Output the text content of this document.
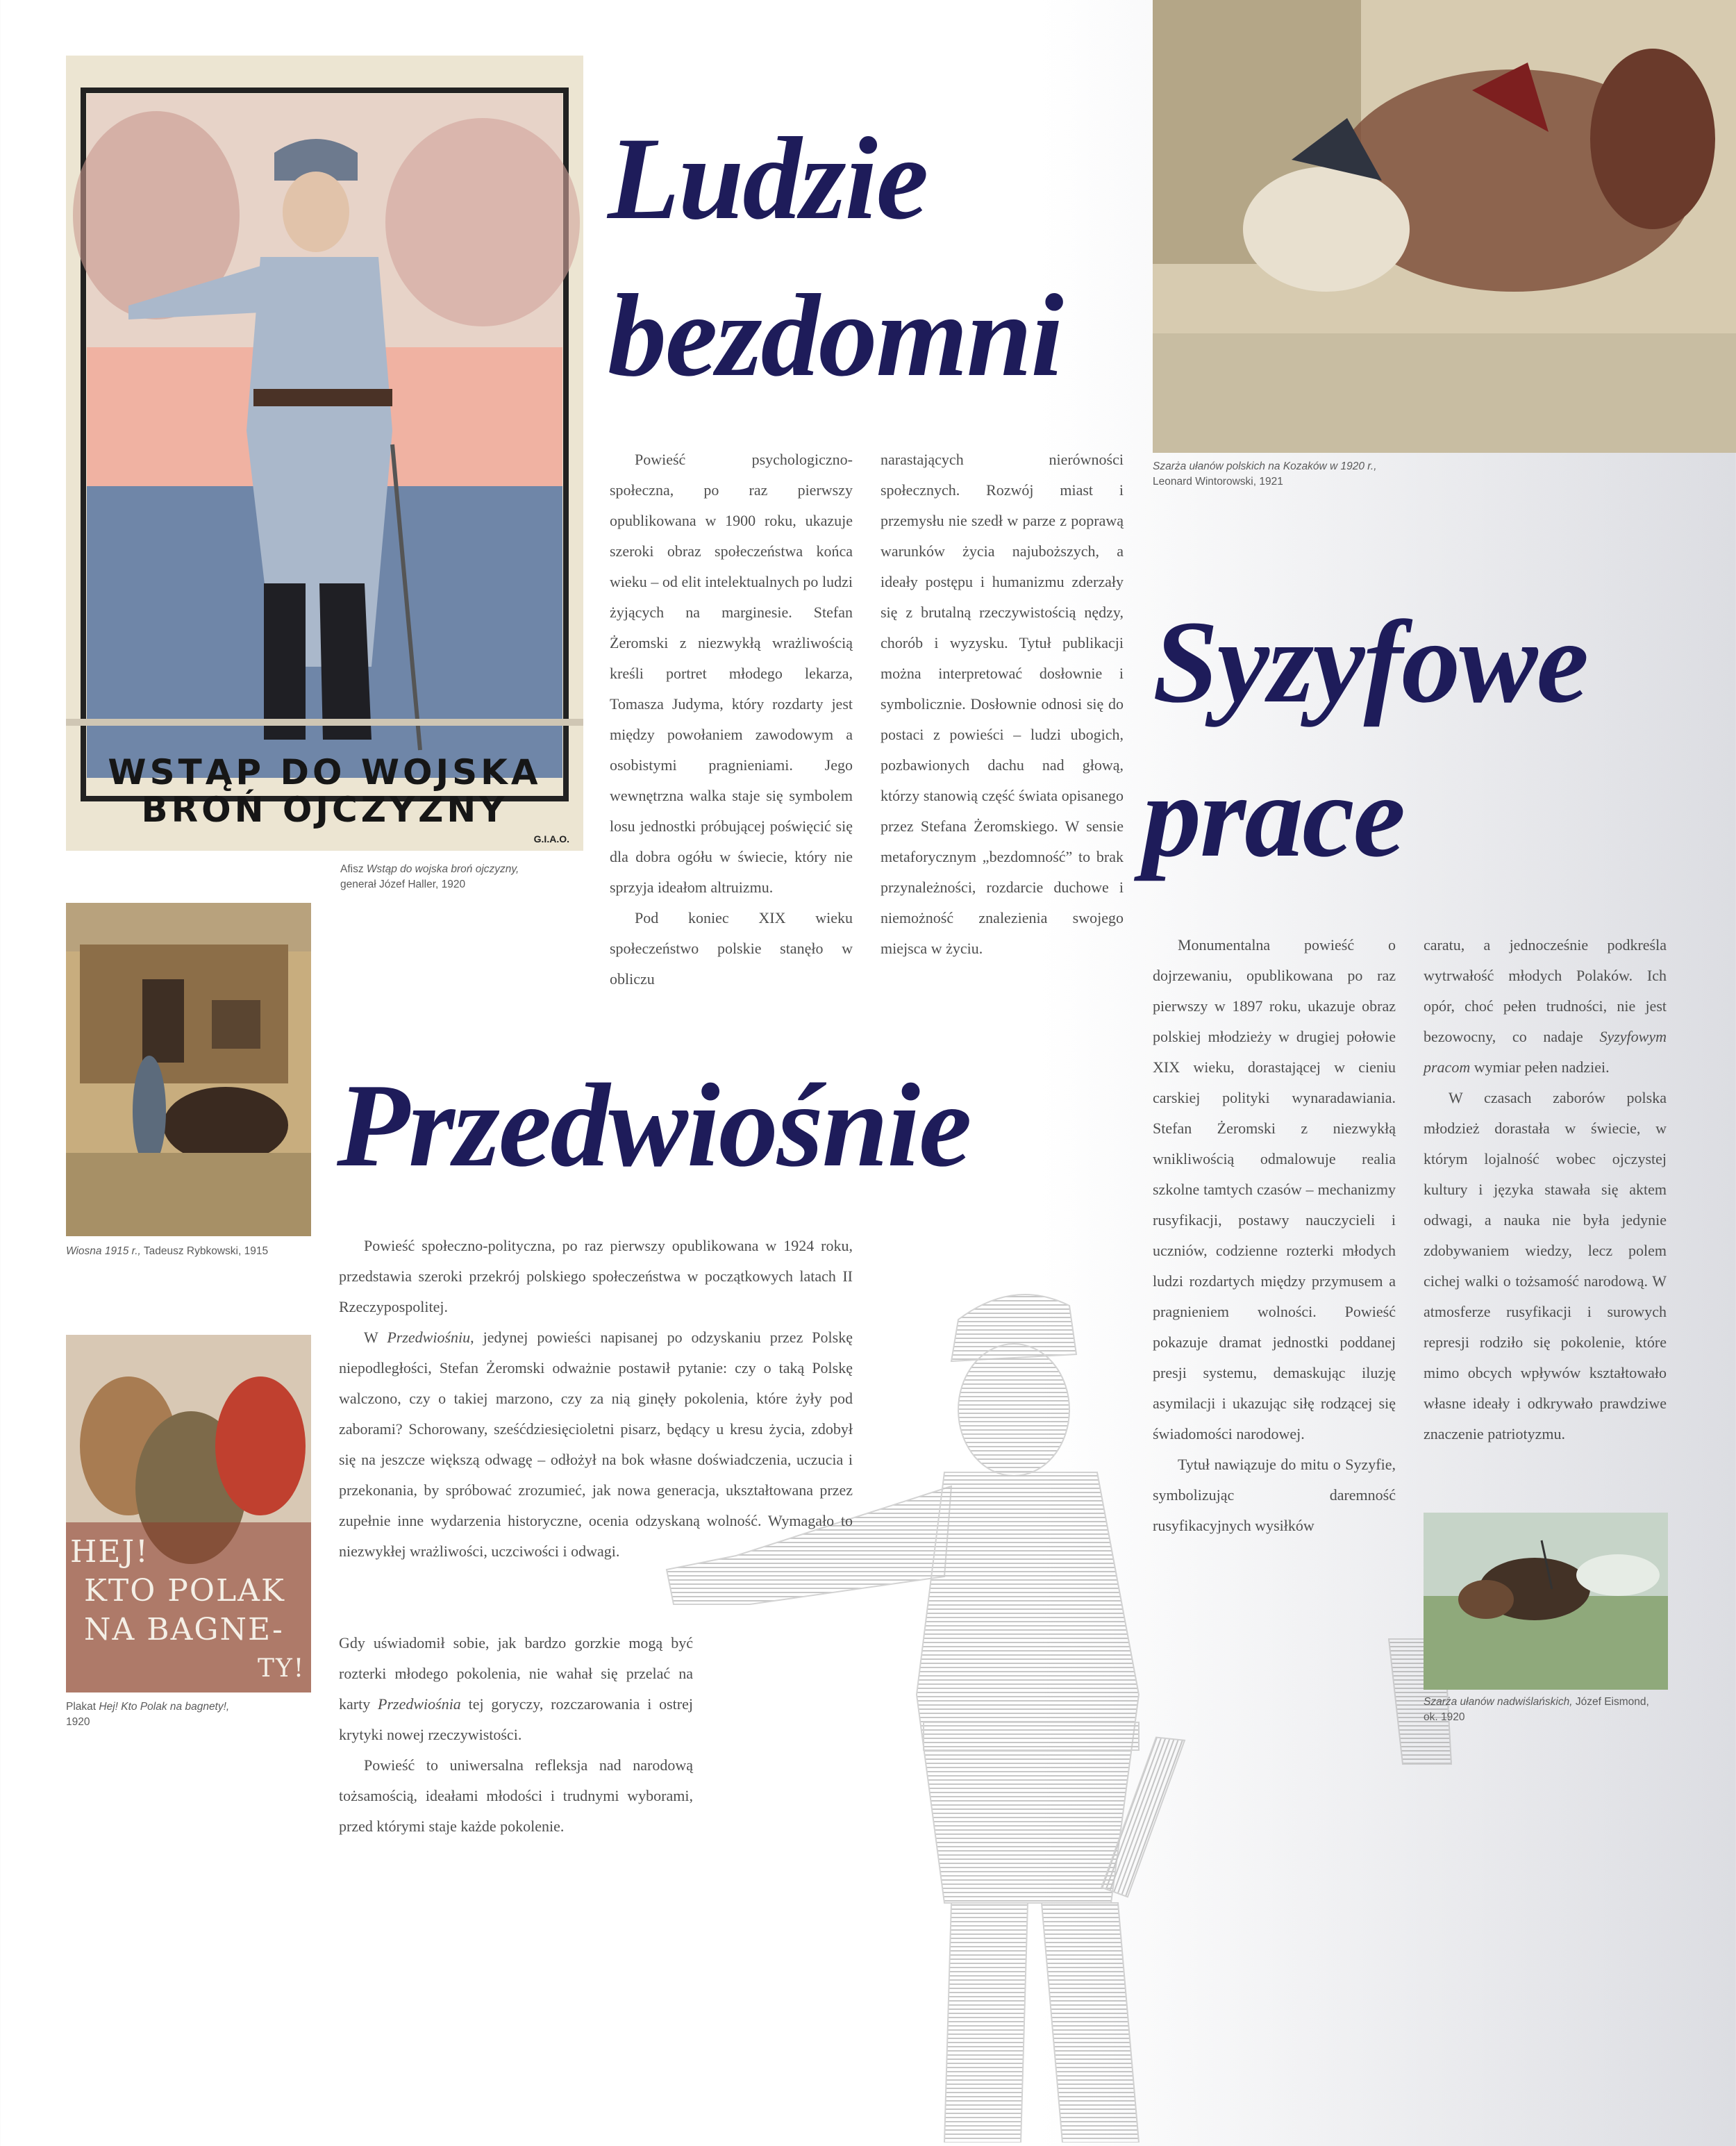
WSTĄP DO WOJSKA
BROŃ OJCZYZNY
G.I.A.O.
Afisz Wstąp do wojska broń ojczyzny,
generał Józef Haller, 1920
Ludzie
bezdomni

Powieść psychologiczno-społeczna, po raz pierwszy opublikowana w 1900 roku, ukazuje szeroki obraz społeczeństwa końca wieku – od elit intelektualnych po ludzi żyjących na marginesie. Stefan Żeromski z niezwykłą wrażliwością kreśli portret młodego lekarza, Tomasza Judyma, który rozdarty jest między powołaniem zawodowym a osobistymi pragnieniami. Jego wewnętrzna walka staje się symbolem losu jednostki próbującej poświęcić się dla dobra ogółu w świecie, który nie sprzyja ideałom altruizmu.

Pod koniec XIX wieku społeczeństwo polskie stanęło w obliczu

narastających nierówności społecznych. Rozwój miast i przemysłu nie szedł w parze z poprawą warunków życia najuboższych, a ideały postępu i humanizmu zderzały się z brutalną rzeczywistością nędzy, chorób i wyzysku. Tytuł publikacji można interpretować dosłownie i symbolicznie. Dosłownie odnosi się do postaci z powieści – ludzi ubogich, pozbawionych dachu nad głową, którzy stanowią część świata opisanego przez Stefana Żeromskiego. W sensie metaforycznym „bezdomność” to brak przynależności, rozdarcie duchowe i niemożność znalezienia swojego miejsca w życiu.

Szarża ułanów polskich na Kozaków w 1920 r.,
Leonard Wintorowski, 1921
Syzyfowe
prace

Monumentalna powieść o dojrzewaniu, opublikowana po raz pierwszy w 1897 roku, ukazuje obraz polskiej młodzieży w drugiej połowie XIX wieku, dorastającej w cieniu carskiej polityki wynaradawiania. Stefan Żeromski z niezwykłą wnikliwością odmalowuje realia szkolne tamtych czasów – mechanizmy rusyfikacji, postawy nauczycieli i uczniów, codzienne rozterki młodych ludzi rozdartych między przymusem a pragnieniem wolności. Powieść pokazuje dramat jednostki poddanej presji systemu, demaskując iluzję asymilacji i ukazując siłę rodzącej się świadomości narodowej.

Tytuł nawiązuje do mitu o Syzyfie, symbolizując daremność rusyfikacyjnych wysiłków

caratu, a jednocześnie podkreśla wytrwałość młodych Polaków. Ich opór, choć pełen trudności, nie jest bezowocny, co nadaje Syzyfowym pracom wymiar pełen nadziei.

W czasach zaborów polska młodzież dorastała w świecie, w którym lojalność wobec ojczystej kultury i języka stawała się aktem odwagi, a nauka nie była jedynie zdobywaniem wiedzy, lecz polem cichej walki o tożsamość narodową. W atmosferze rusyfikacji i surowych represji rodziło się pokolenie, które mimo obcych wpływów kształtowało własne ideały i odkrywało prawdziwe znaczenie patriotyzmu.

Szarża ułanów nadwiślańskich, Józef Eismond,
ok. 1920
Wiosna 1915 r., Tadeusz Rybkowski, 1915
HEJ!
KTO POLAK
NA BAGNE-
TY!
Plakat Hej! Kto Polak na bagnety!,
1920
Przedwiośnie

Powieść społeczno-polityczna, po raz pierwszy opublikowana w 1924 roku, przedstawia szeroki przekrój polskiego społeczeństwa w początkowych latach II Rzeczypospolitej.

W Przedwiośniu, jedynej powieści napisanej po odzyskaniu przez Polskę niepodległości, Stefan Żeromski odważnie postawił pytanie: czy o taką Polskę walczono, czy o takiej marzono, czy za nią ginęły pokolenia, które żyły pod zaborami? Schorowany, sześćdziesięcioletni pisarz, będący u kresu życia, zdobył się na jeszcze większą odwagę – odłożył na bok własne doświadczenia, uczucia i przekonania, by spróbować zrozumieć, jak nowa generacja, ukształtowana przez zupełnie inne wydarzenia historyczne, ocenia odzyskaną wolność. Wymagało to niezwykłej wrażliwości, uczciwości i odwagi.

Gdy uświadomił sobie, jak bardzo gorzkie mogą być rozterki młodego pokolenia, nie wahał się przelać na karty Przedwiośnia tej goryczy, rozczarowania i ostrej krytyki nowej rzeczywistości.

Powieść to uniwersalna refleksja nad narodową tożsamością, ideałami młodości i trudnymi wyborami, przed którymi staje każde pokolenie.
